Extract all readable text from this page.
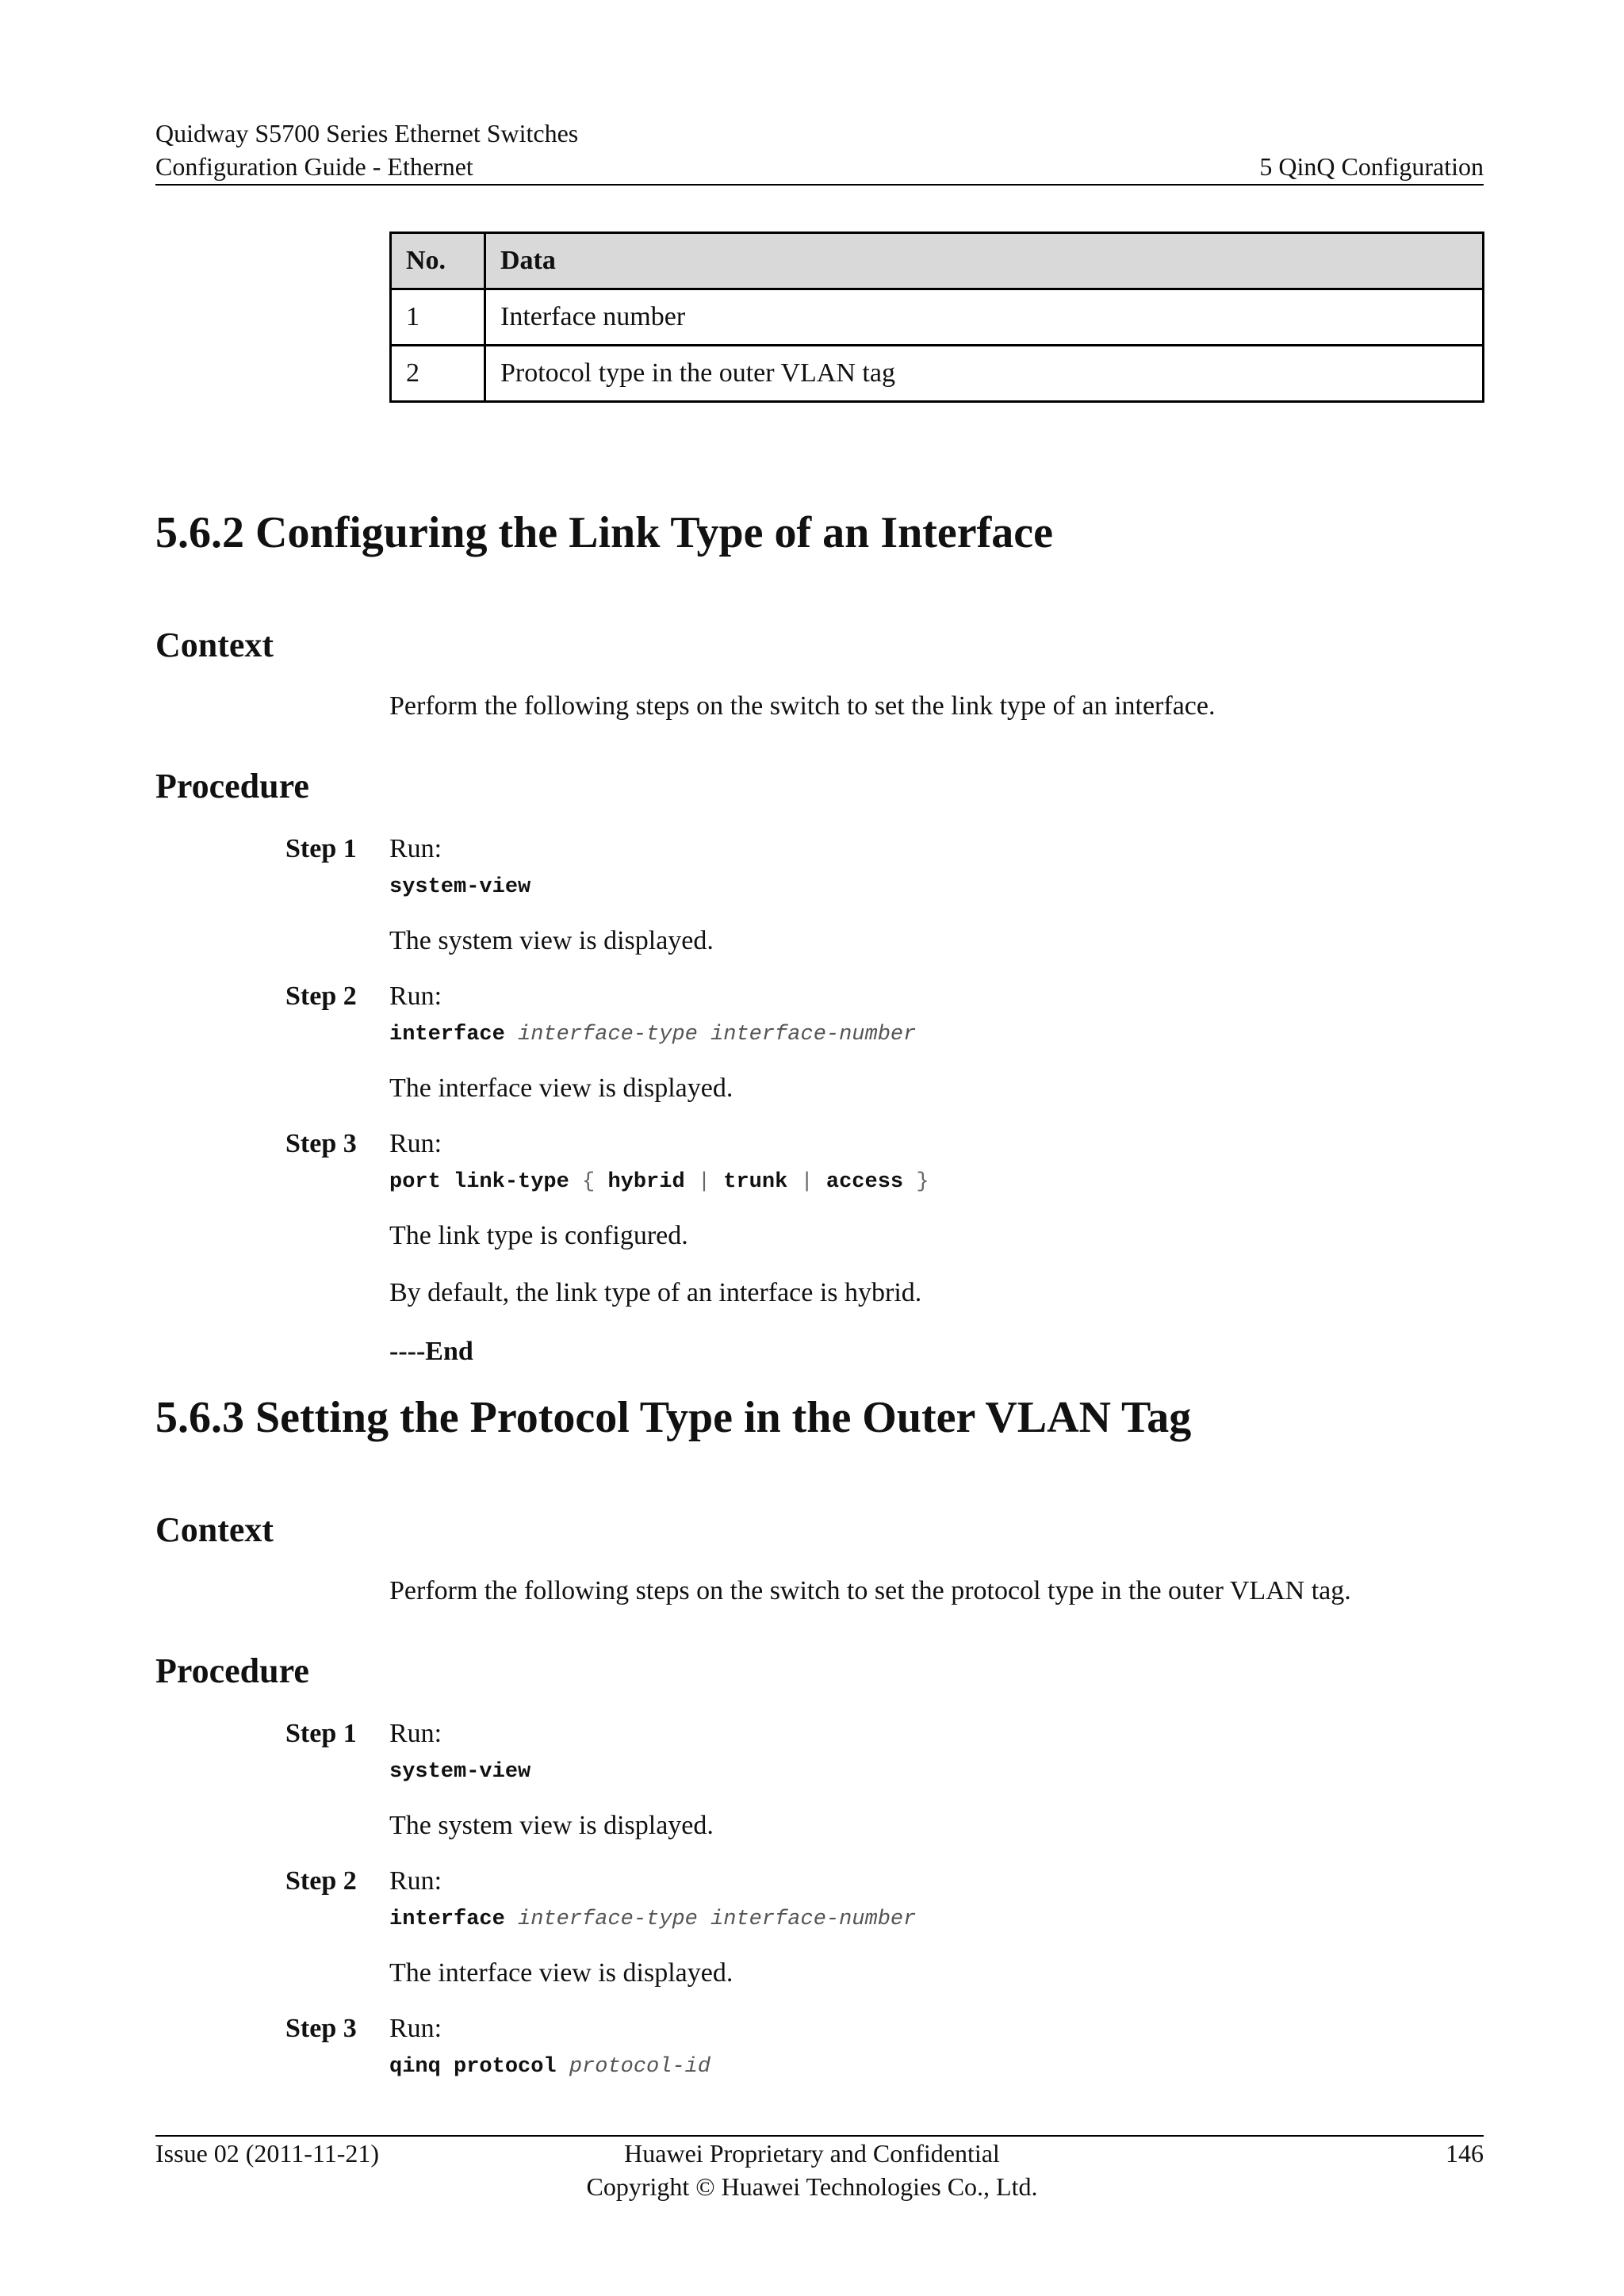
Quidway S5700 Series Ethernet Switches
Configuration Guide - Ethernet	5 QinQ Configuration
No.	Data
1	Interface number
2	Protocol type in the outer VLAN tag
5.6.2 Configuring the Link Type of an Interface
Context
Perform the following steps on the switch to set the link type of an interface.
Procedure
Step 1 Run:
system-view
The system view is displayed.
Step 2 Run:
interface interface-type interface-number
The interface view is displayed.
Step 3 Run:
port link-type { hybrid | trunk | access }
The link type is configured.
By default, the link type of an interface is hybrid.
----End
5.6.3 Setting the Protocol Type in the Outer VLAN Tag
Context
Perform the following steps on the switch to set the protocol type in the outer VLAN tag.
Procedure
Step 1 Run:
system-view
The system view is displayed.
Step 2 Run:
interface interface-type interface-number
The interface view is displayed.
Step 3 Run:
qinq protocol protocol-id
Issue 02 (2011-11-21)	Huawei Proprietary and Confidential
Copyright © Huawei Technologies Co., Ltd.
146
